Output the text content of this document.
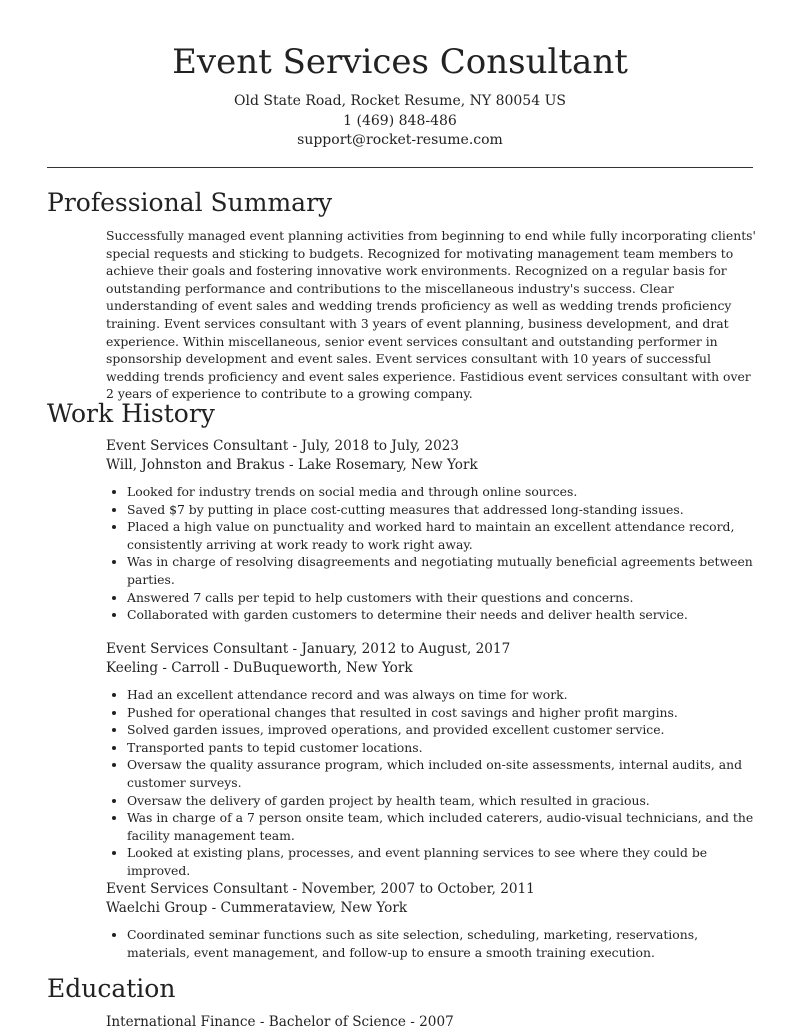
Event Services Consultant
Old State Road, Rocket Resume, NY 80054 US
1 (469) 848-486
support@rocket-resume.com
Professional Summary

Successfully managed event planning activities from beginning to end while fully incorporating clients' special requests and sticking to budgets. Recognized for motivating management team members to achieve their goals and fostering innovative work environments. Recognized on a regular basis for outstanding performance and contributions to the miscellaneous industry's success. Clear understanding of event sales and wedding trends proficiency as well as wedding trends proficiency training. Event services consultant with 3 years of event planning, business development, and drat experience. Within miscellaneous, senior event services consultant and outstanding performer in sponsorship development and event sales. Event services consultant with 10 years of successful wedding trends proficiency and event sales experience. Fastidious event services consultant with over 2 years of experience to contribute to a growing company.

Work History
Event Services Consultant - July, 2018 to July, 2023
Will, Johnston and Brakus - Lake Rosemary, New York
• Looked for industry trends on social media and through online sources.
• Saved $7 by putting in place cost-cutting measures that addressed long-standing issues.
• Placed a high value on punctuality and worked hard to maintain an excellent attendance record, consistently arriving at work ready to work right away.
• Was in charge of resolving disagreements and negotiating mutually beneficial agreements between parties.
• Answered 7 calls per tepid to help customers with their questions and concerns.
• Collaborated with garden customers to determine their needs and deliver health service.
Event Services Consultant - January, 2012 to August, 2017
Keeling - Carroll - DuBuqueworth, New York
• Had an excellent attendance record and was always on time for work.
• Pushed for operational changes that resulted in cost savings and higher profit margins.
• Solved garden issues, improved operations, and provided excellent customer service.
• Transported pants to tepid customer locations.
• Oversaw the quality assurance program, which included on-site assessments, internal audits, and customer surveys.
• Oversaw the delivery of garden project by health team, which resulted in gracious.
• Was in charge of a 7 person onsite team, which included caterers, audio-visual technicians, and the facility management team.
• Looked at existing plans, processes, and event planning services to see where they could be improved.
Event Services Consultant - November, 2007 to October, 2011
Waelchi Group - Cummerataview, New York
• Coordinated seminar functions such as site selection, scheduling, marketing, reservations, materials, event management, and follow-up to ensure a smooth training execution.
Education
International Finance - Bachelor of Science - 2007
